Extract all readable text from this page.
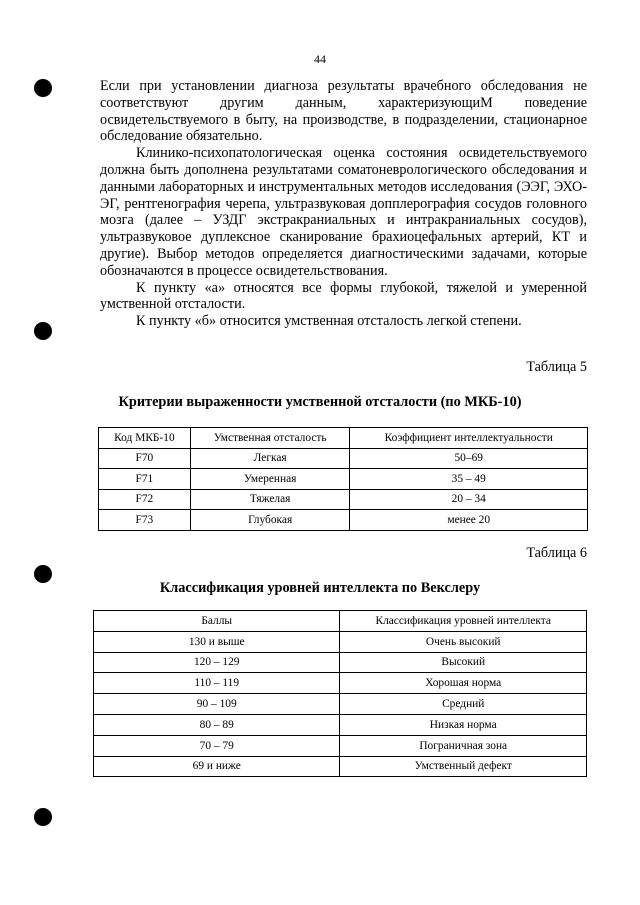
44

Если при установлении диагноза результаты врачебного обследования не соответствуют другим данным, характеризующиМ поведение освидетельствуемого в быту, на производстве, в подразделении, стационарное обследование обязательно.

Клинико-психопатологическая оценка состояния освидетельствуемого должна быть дополнена результатами соматоневрологического обследования и данными лабораторных и инструментальных методов исследования (ЭЭГ, ЭХО-ЭГ, рентгенография черепа, ультразвуковая допплерография сосудов головного мозга (далее – УЗДГ экстракраниальных и интракраниальных сосудов), ультразвуковое дуплексное сканирование брахиоцефальных артерий, КТ и другие). Выбор методов определяется диагностическими задачами, которые обозначаются в процессе освидетельствования.

К пункту «а» относятся все формы глубокой, тяжелой и умеренной умственной отсталости.

К пункту «б» относится умственная отсталость легкой степени.

Таблица 5
Критерии выраженности умственной отсталости (по МКБ-10)
Код МКБ-10	Умственная отсталость	Коэффициент интеллектуальности
F70	Легкая	50–69
F71	Умеренная	35 – 49
F72	Тяжелая	20 – 34
F73	Глубокая	менее 20
Таблица 6
Классификация уровней интеллекта по Векслеру
Баллы	Классификация уровней интеллекта
130 и выше	Очень высокий
120 – 129	Высокий
110 – 119	Хорошая норма
90 – 109	Средний
80 – 89	Низкая норма
70 – 79	Пограничная зона
69 и ниже	Умственный дефект
